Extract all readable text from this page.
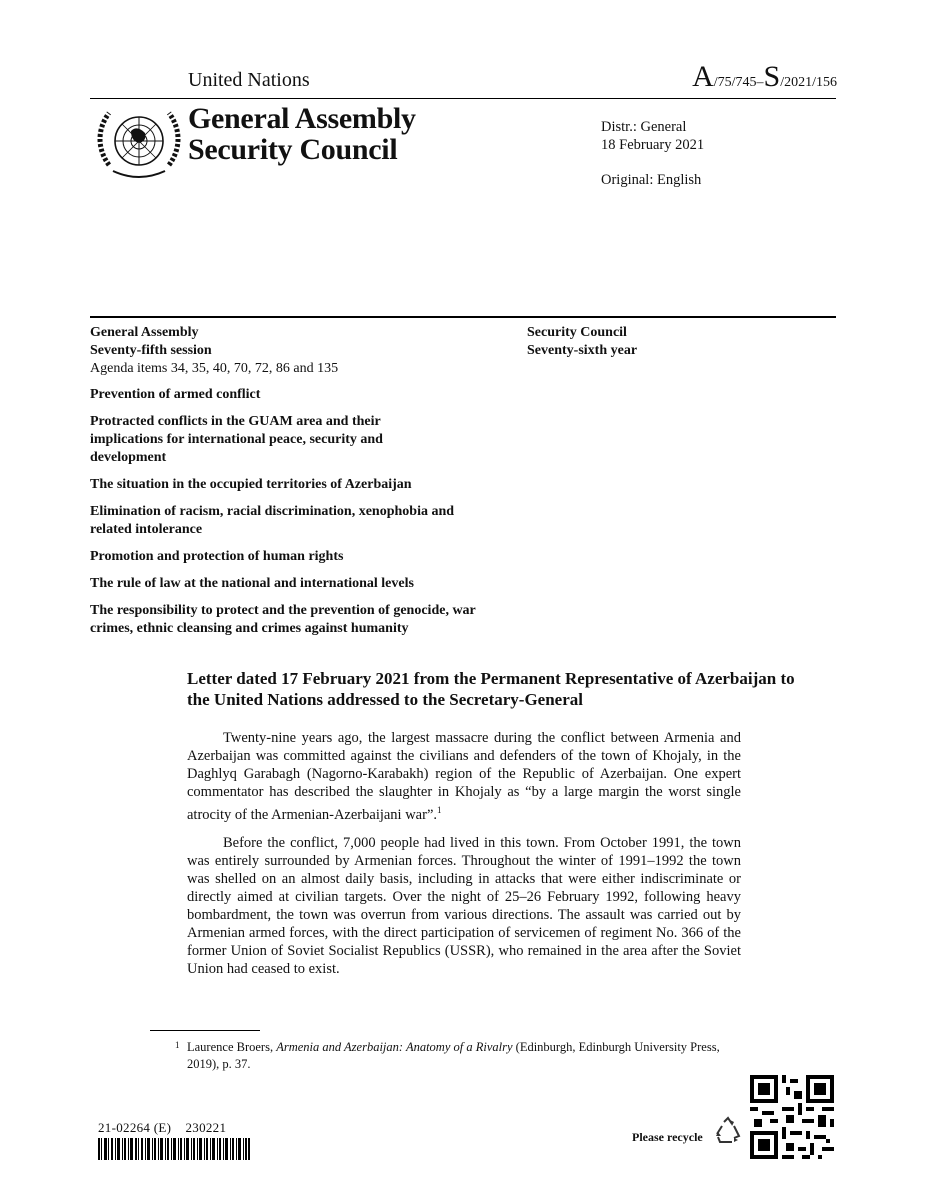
United Nations	A/75/745–S/2021/156
General Assembly
Security Council
Distr.: General
18 February 2021
Original: English
General Assembly
Seventy-fifth session
Agenda items 34, 35, 40, 70, 72, 86 and 135
Security Council
Seventy-sixth year

Prevention of armed conflict

Protracted conflicts in the GUAM area and their implications for international peace, security and development

The situation in the occupied territories of Azerbaijan

Elimination of racism, racial discrimination, xenophobia and related intolerance

Promotion and protection of human rights

The rule of law at the national and international levels

The responsibility to protect and the prevention of genocide, war crimes, ethnic cleansing and crimes against humanity

Letter dated 17 February 2021 from the Permanent Representative of Azerbaijan to the United Nations addressed to the Secretary-General

Twenty-nine years ago, the largest massacre during the conflict between Armenia and Azerbaijan was committed against the civilians and defenders of the town of Khojaly, in the Daghlyq Garabagh (Nagorno-Karabakh) region of the Republic of Azerbaijan. One expert commentator has described the slaughter in Khojaly as “by a large margin the worst single atrocity of the Armenian-Azerbaijani war”.$^1$

Before the conflict, 7,000 people had lived in this town. From October 1991, the town was entirely surrounded by Armenian forces. Throughout the winter of 1991–1992 the town was shelled on an almost daily basis, including in attacks that were either indiscriminate or directly aimed at civilian targets. Over the night of 25–26 February 1992, following heavy bombardment, the town was overrun from various directions. The assault was carried out by Armenian armed forces, with the direct participation of servicemen of regiment No. 366 of the former Union of Soviet Socialist Republics (USSR), who remained in the area after the Soviet Union had ceased to exist.

1 Laurence Broers, Armenia and Azerbaijan: Anatomy of a Rivalry (Edinburgh, Edinburgh University Press, 2019), p. 37.
21-02264 (E)    230221
Please recycle
